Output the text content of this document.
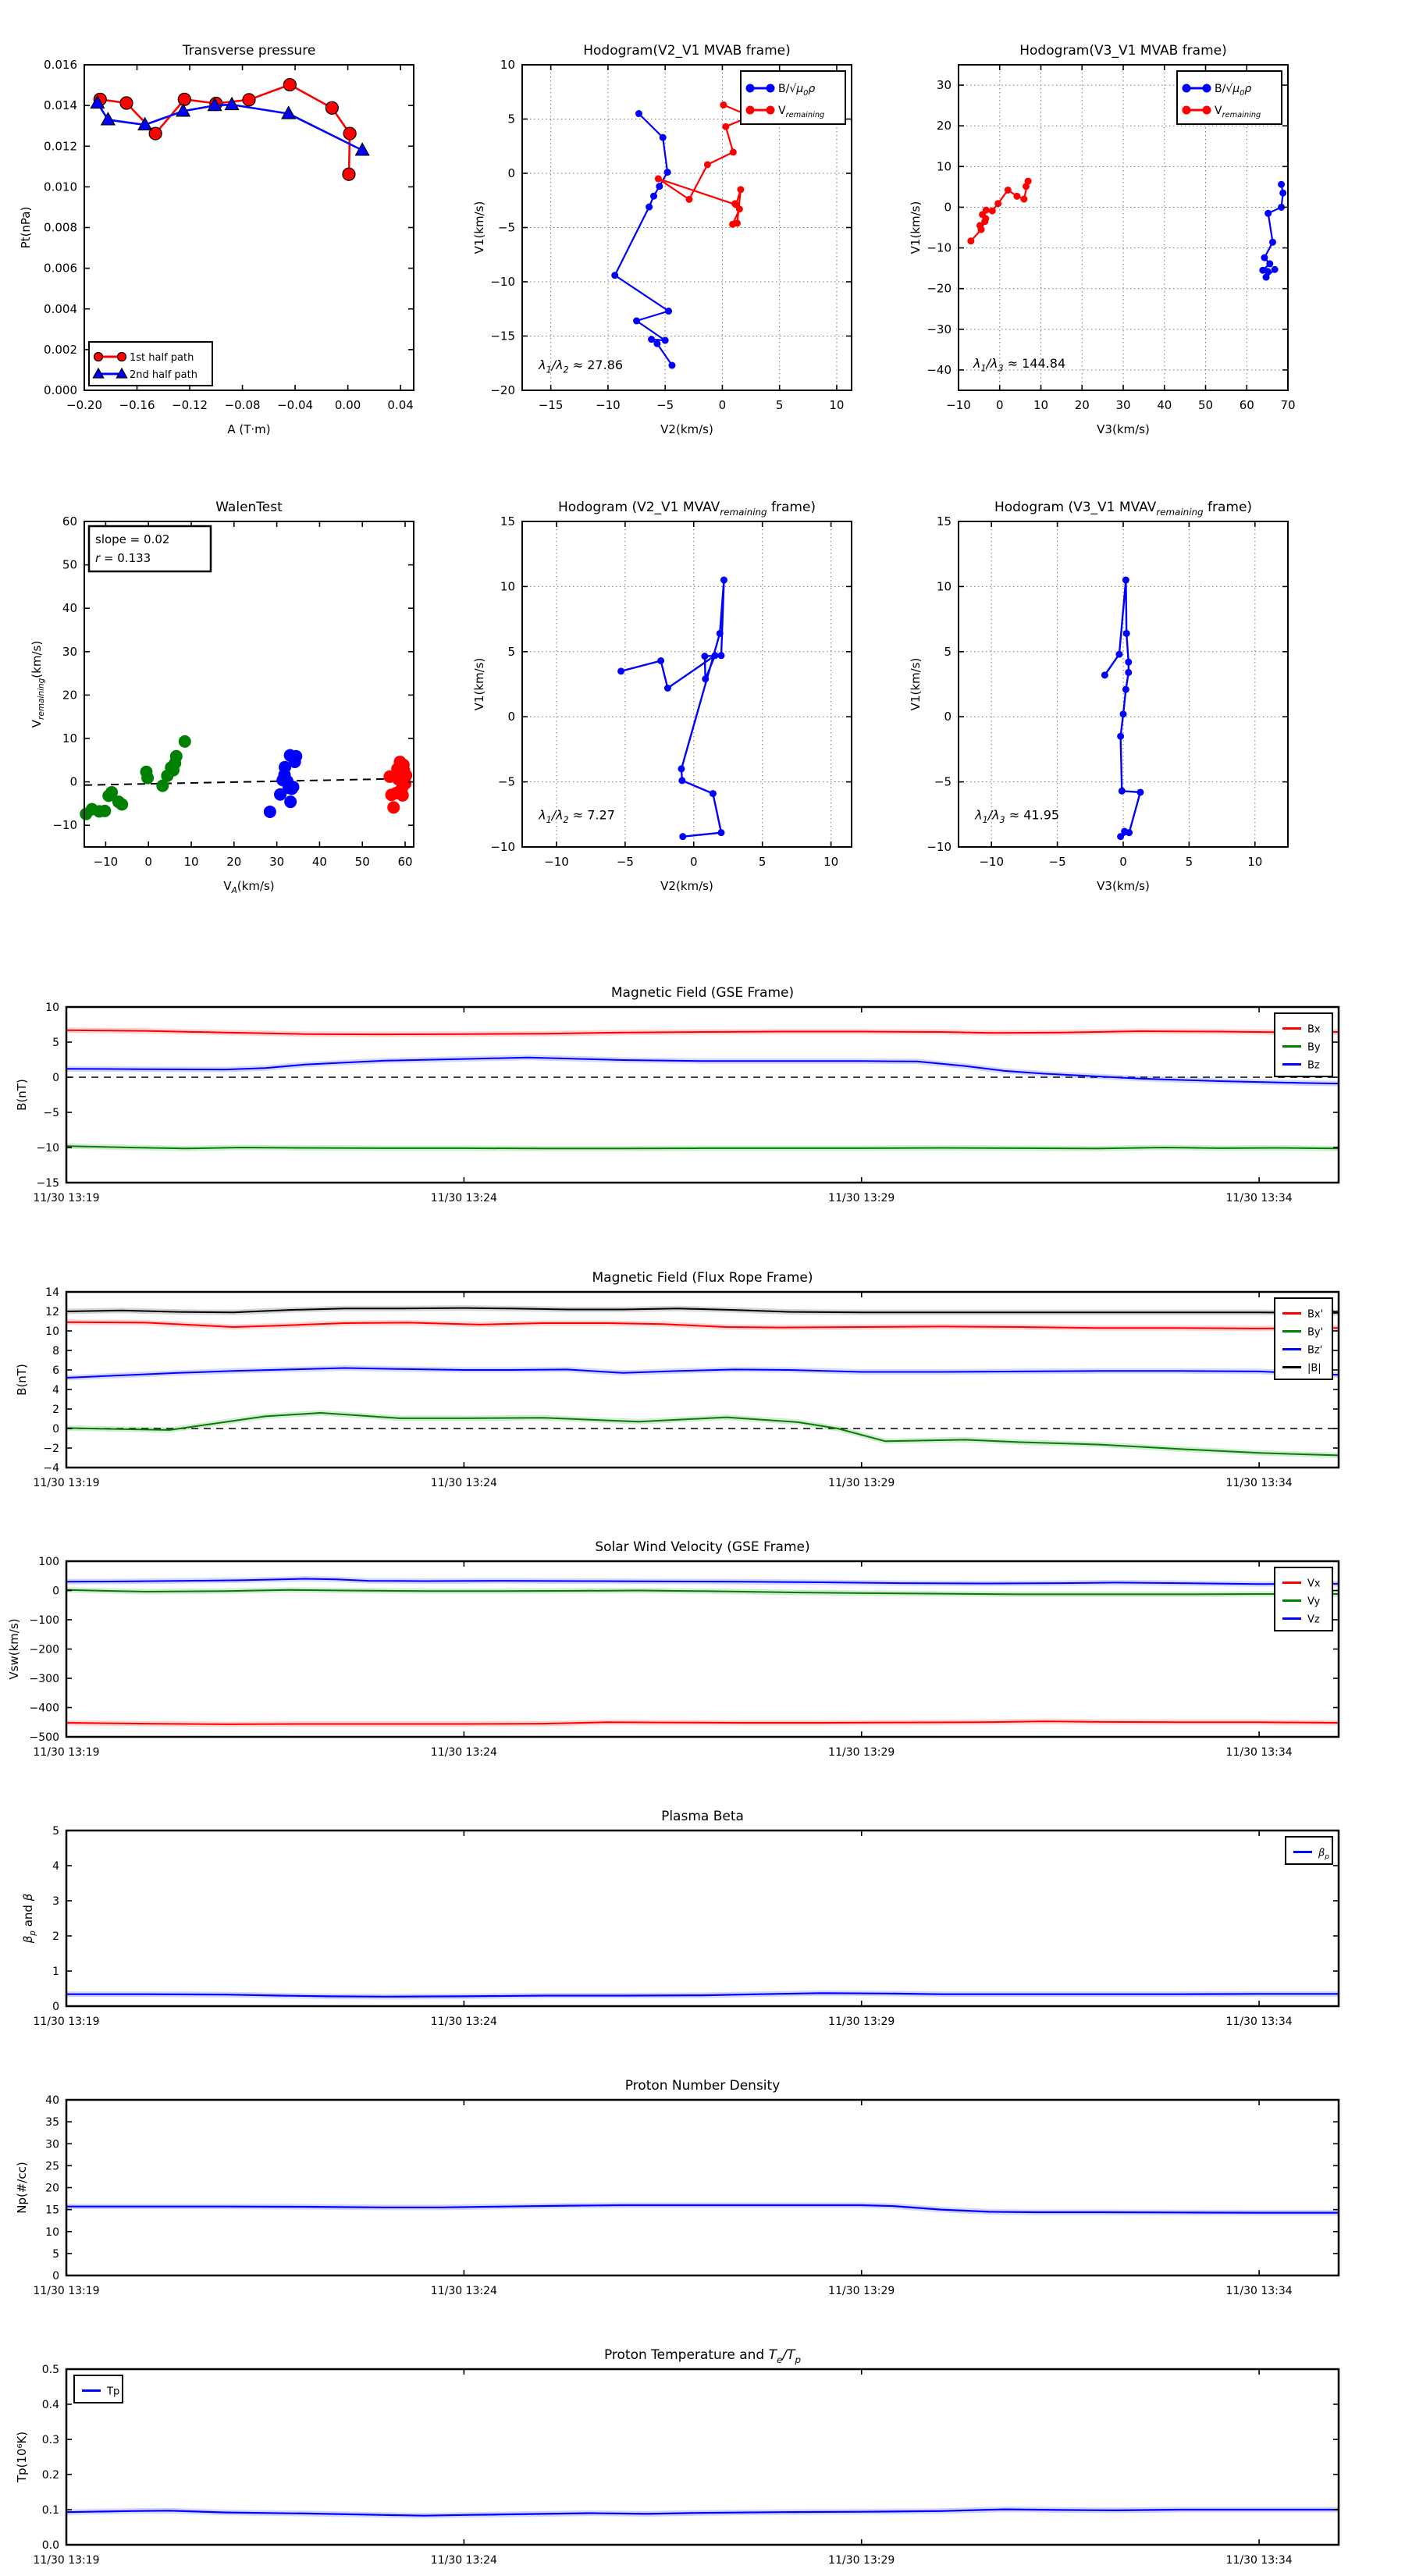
−0.20 −0.16 −0.12 −0.08 −0.04 0.00 0.04
0.000
0.002
0.004
0.006
0.008
0.010
0.012
0.014
0.016
Transverse pressure
A (T·m)
Pt(nPa)
1st half path
2nd half path
−15	−10	−5	0	5	10
−20
−15
−10
−5
0
5
10
Hodogram(V2_V1 MVAB frame)
V2(km/s)
V1(km/s)
$B/√\mu_0\rho$
$V_{remaining}$
$\lambda_1/\lambda_2 \approx 27.86$
−10 0	10 20 30 40 50 60 70
−40
−30
−20
−10
0
10
20
30
Hodogram(V3_V1 MVAB frame)
V3(km/s)
V1(km/s)
$B/√\mu_0\rho$
$V_{remaining}$
$\lambda_1/\lambda_3 \approx 144.84$
−10 0	10 20 30 40 50 60
−10
0
10
20
30
40
50
60
WalenTest
$V_A(km/s)$
$V_{remaining}(km/s)$
slope = 0.02
r = 0.133
−10	−5	0	5	10
−10
−5
0
5
10
15
Hodogram (V2_V1 $MVAV_{remaining}$ frame)
V2(km/s)
V1(km/s)
$\lambda_1/\lambda_2 \approx 7.27$
−10	−5	0	5	10
−10
−5
0
5
10
15
Hodogram (V3_V1 $MVAV_{remaining}$ frame)
V3(km/s)
V1(km/s)
$\lambda_1/\lambda_3 \approx 41.95$
11/30 13:19	11/30 13:24	11/30 13:29	11/30 13:34
−15
−10
−5
0
5
10
Magnetic Field (GSE Frame)
B(nT)
Bx
By
Bz
11/30 13:19	11/30 13:24	11/30 13:29	11/30 13:34
−4
−2
0
2
4
6
8
10
12
14
Magnetic Field (Flux Rope Frame)
B(nT)
Bx'
By'
Bz'
|B|
11/30 13:19	11/30 13:24	11/30 13:29	11/30 13:34
−500
−400
−300
−200
−100
0
100
Solar Wind Velocity (GSE Frame)
Vsw(km/s)
Vx
Vy
Vz
11/30 13:19	11/30 13:24	11/30 13:29	11/30 13:34
0
1
2
3
4
5
Plasma Beta
$\beta_p$ and β
$\beta_p$
11/30 13:19	11/30 13:24	11/30 13:29	11/30 13:34
0
5
10
15
20
25
30
35
40
Proton Number Density
Np(#/cc)
11/30 13:19	11/30 13:24	11/30 13:29	11/30 13:34
0.0
0.1
0.2
0.3
0.4
0.5
Proton Temperature and $T_e/T_p$
Tp(10⁶K)
Tp
